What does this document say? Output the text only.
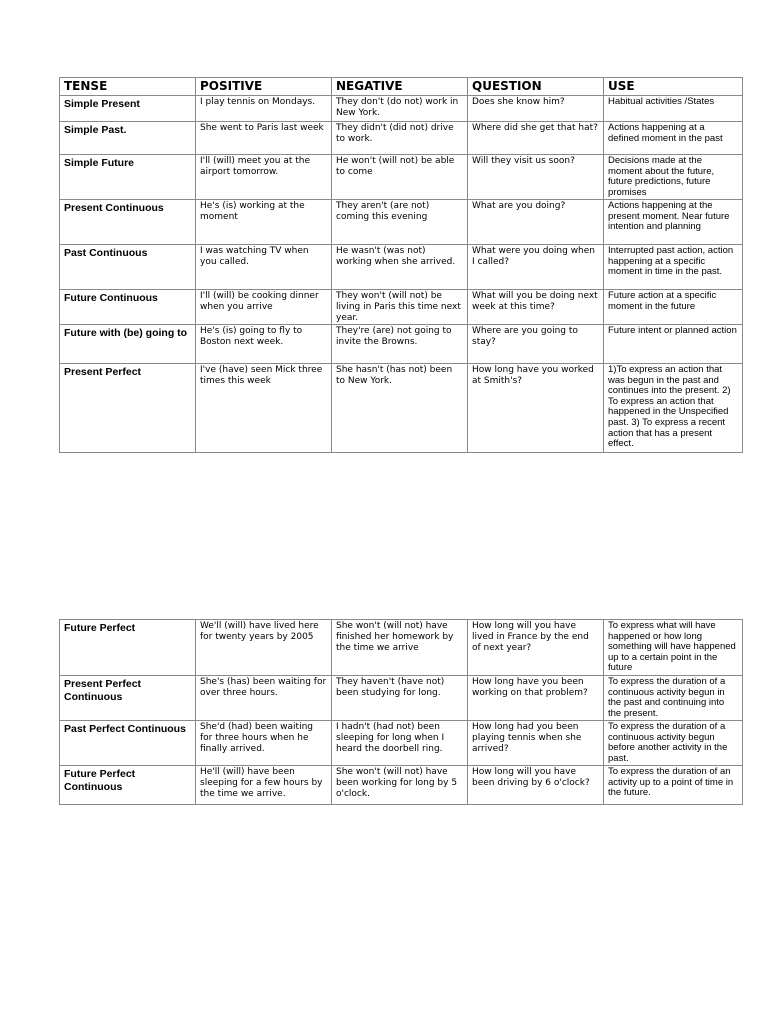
TENSE	POSITIVE	NEGATIVE	QUESTION	USE
Simple Present	I play tennis on Mondays.	They don't (do not) work in New York.	Does she know him?	Habitual activities /States
Simple Past.	She went to Paris last week	They didn't (did not) drive to work.	Where did she get that hat?	Actions happening at a defined moment in the past
Simple Future	I'll (will) meet you at the airport tomorrow.	He won't (will not) be able to come	Will they visit us soon?	Decisions made at the moment about the future, future predictions, future promises
Present Continuous	He's (is) working at the moment	They aren't (are not) coming this evening	What are you doing?	Actions happening at the present moment. Near future intention and planning
Past Continuous	I was watching TV when you called.	He wasn't (was not) working when she arrived.	What were you doing when I called?	Interrupted past action, action happening at a specific moment in time in the past.
Future Continuous	I'll (will) be cooking dinner when you arrive	They won't (will not) be living in Paris this time next year.	What will you be doing next week at this time?	Future action at a specific moment in the future
Future with (be) going to	He's (is) going to fly to Boston next week.	They're (are) not going to invite the Browns.	Where are you going to stay?	Future intent or planned action
Present Perfect	I've (have) seen Mick three times this week	She hasn't (has not) been to New York.	How long have you worked at Smith's?	1)To express an action that was begun in the past and continues into the present. 2) To express an action that happened in the Unspecified past. 3) To express a recent action that has a present effect.
Future Perfect	We'll (will) have lived here for twenty years by 2005	She won't (will not) have finished her homework by the time we arrive	How long will you have lived in France by the end of next year?	To express what will have happened or how long something will have happened up to a certain point in the future
Present Perfect Continuous	She's (has) been waiting for over three hours.	They haven't (have not) been studying for long.	How long have you been working on that problem?	To express the duration of a continuous activity begun in the past and continuing into the present.
Past Perfect Continuous	She'd (had) been waiting for three hours when he finally arrived.	I hadn't (had not) been sleeping for long when I heard the doorbell ring.	How long had you been playing tennis when she arrived?	To express the duration of a continuous activity begun before another activity in the past.
Future Perfect Continuous	He'll (will) have been sleeping for a few hours by the time we arrive.	She won't (will not) have been working for long by 5 o'clock.	How long will you have been driving by 6 o'clock?	To express the duration of an activity up to a point of time in the future.
